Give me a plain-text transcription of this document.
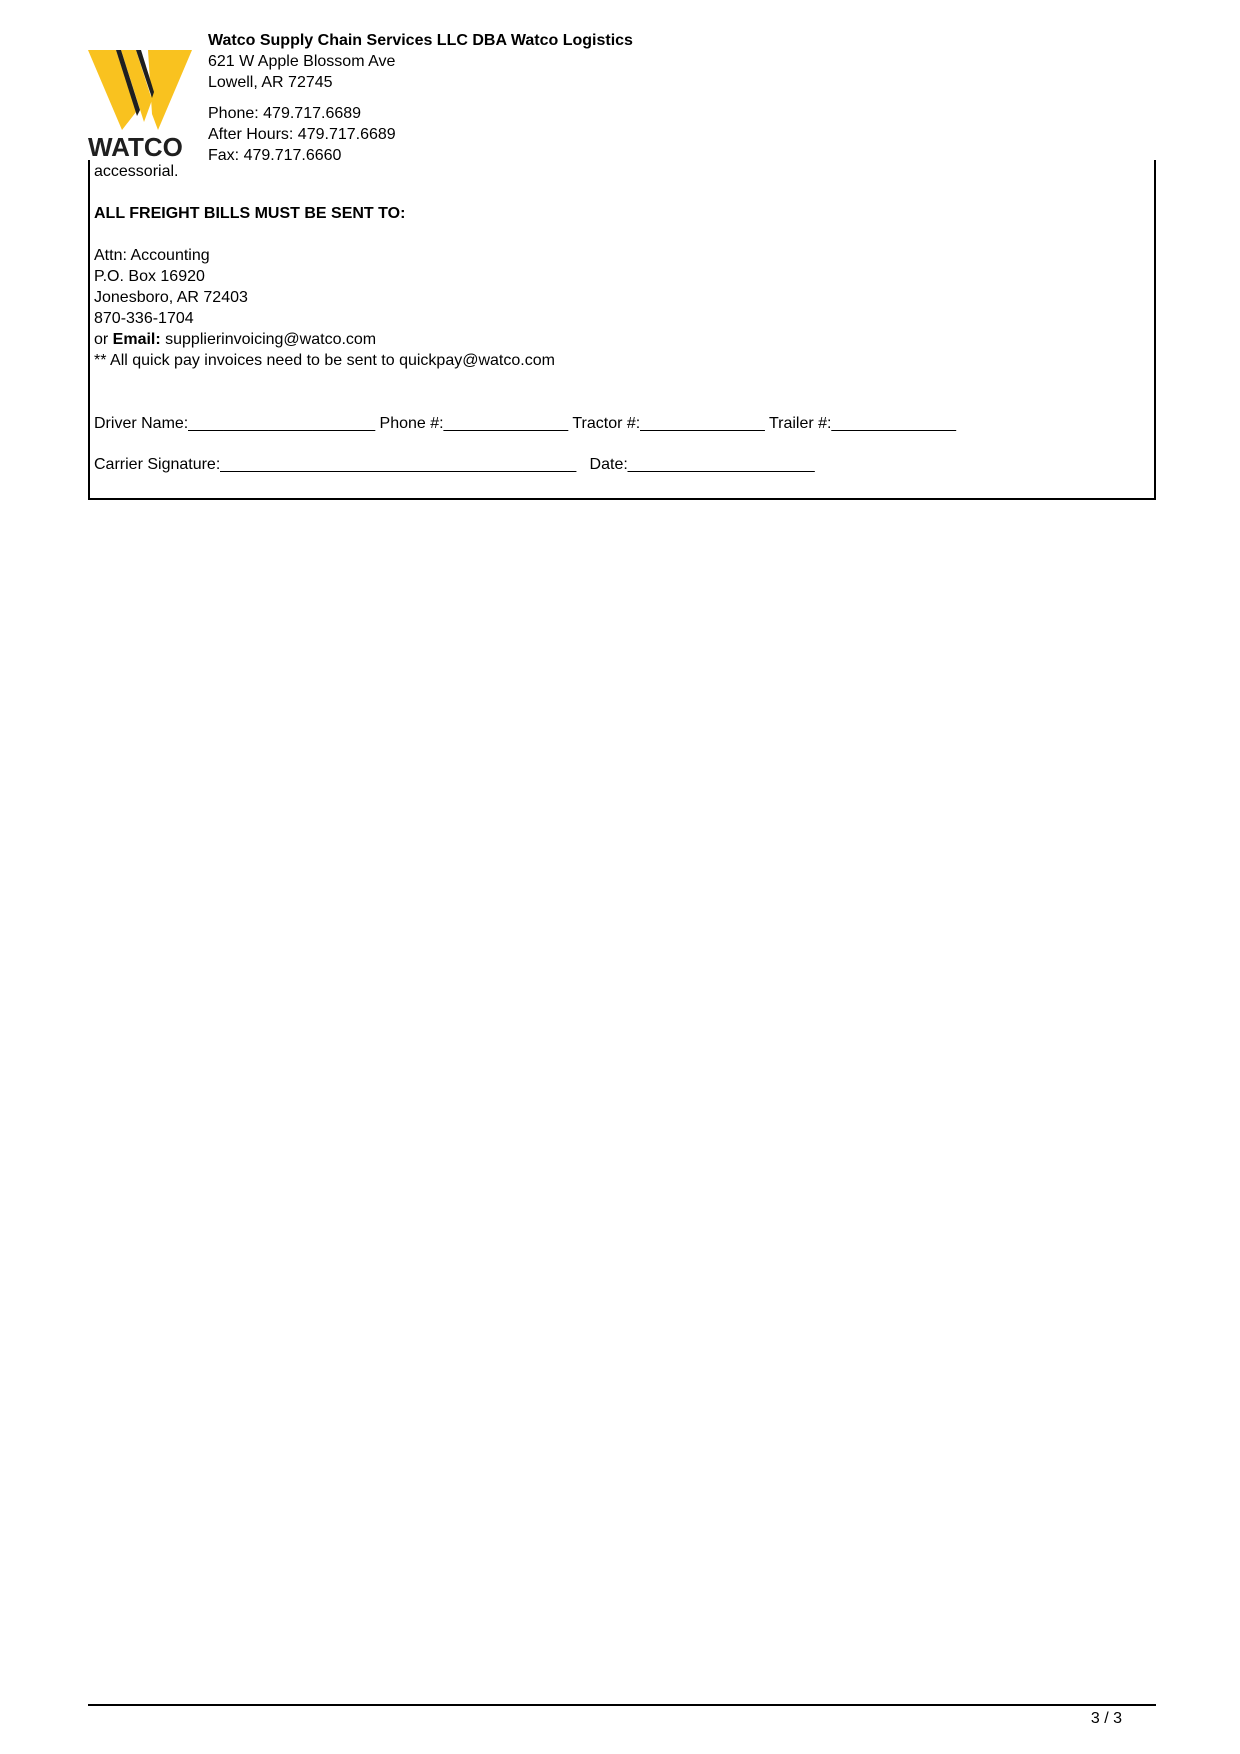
WATCO
Watco Supply Chain Services LLC DBA Watco Logistics
621 W Apple Blossom Ave
Lowell, AR 72745
Phone: 479.717.6689
After Hours: 479.717.6689
Fax: 479.717.6660
accessorial.
ALL FREIGHT BILLS MUST BE SENT TO:
Attn: Accounting
P.O. Box 16920
Jonesboro, AR 72403
870-336-1704
or Email: supplierinvoicing@watco.com
** All quick pay invoices need to be sent to quickpay@watco.com
Driver Name:_____________________ Phone #:______________ Tractor #:______________ Trailer #:______________
Carrier Signature:________________________________________   Date:_____________________
3 / 3
